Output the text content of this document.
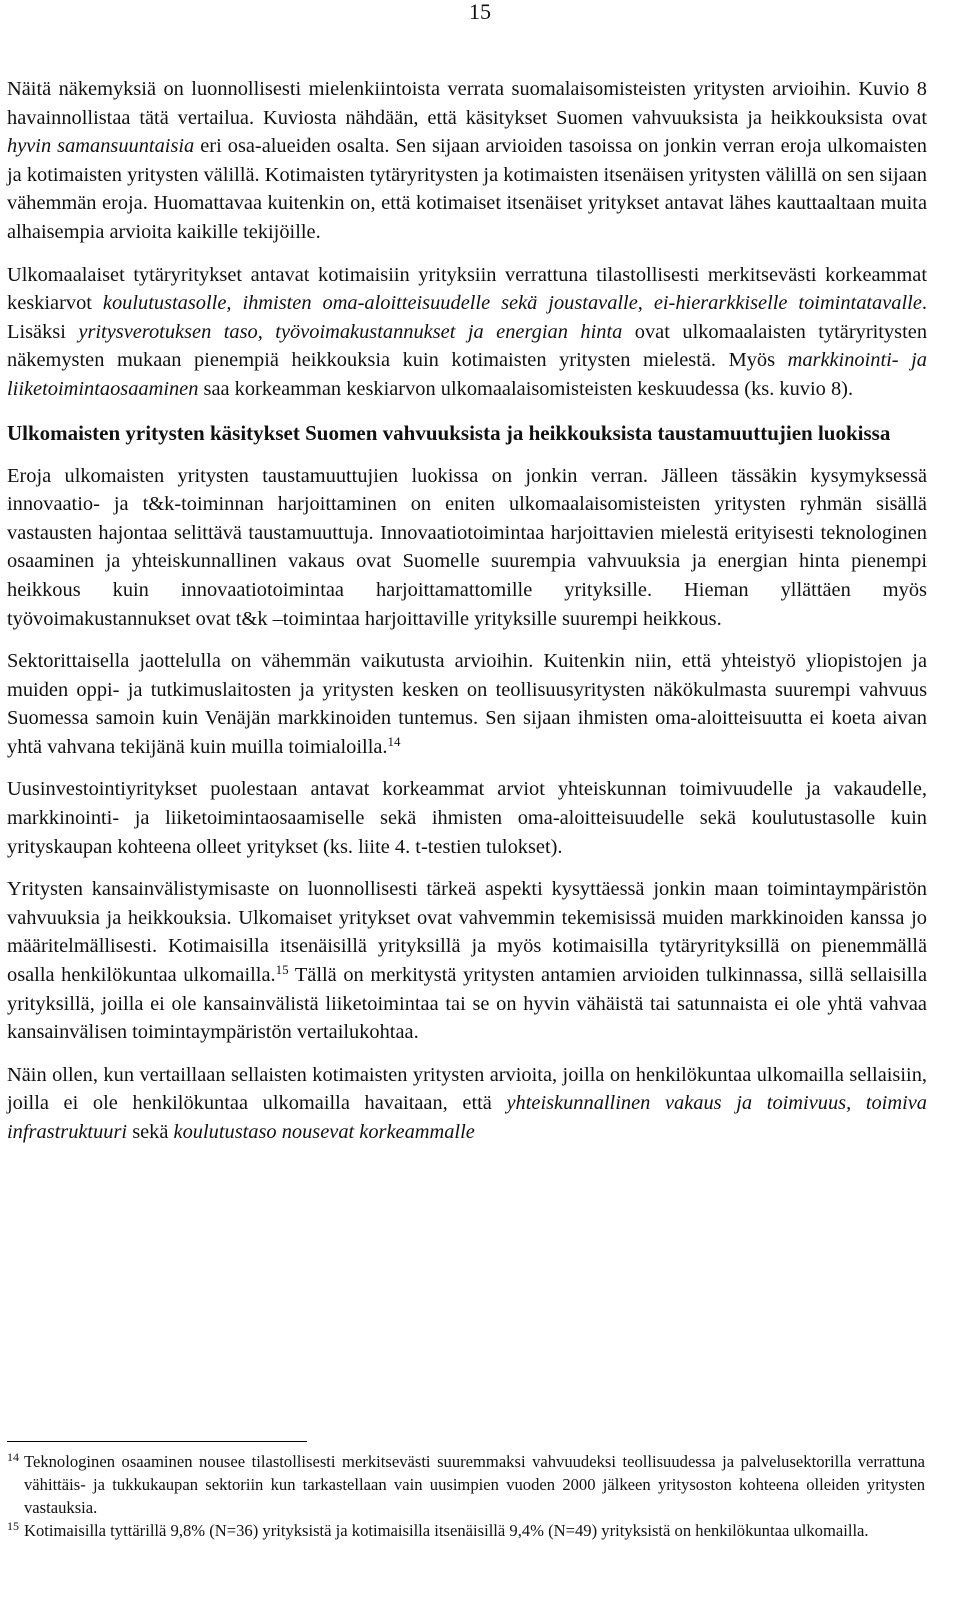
15

Näitä näkemyksiä on luonnollisesti mielenkiintoista verrata suomalaisomisteisten yritysten arvioihin. Kuvio 8 havainnollistaa tätä vertailua. Kuviosta nähdään, että käsitykset Suomen vahvuuksista ja heikkouksista ovat hyvin samansuuntaisia eri osa-alueiden osalta. Sen sijaan arvioiden tasoissa on jonkin verran eroja ulkomaisten ja kotimaisten yritysten välillä. Kotimaisten tytäryritysten ja kotimaisten itsenäisen yritysten välillä on sen sijaan vähemmän eroja. Huomattavaa kuitenkin on, että kotimaiset itsenäiset yritykset antavat lähes kauttaaltaan muita alhaisempia arvioita kaikille tekijöille.

Ulkomaalaiset tytäryritykset antavat kotimaisiin yrityksiin verrattuna tilastollisesti merkitsevästi korkeammat keskiarvot koulutustasolle, ihmisten oma-aloitteisuudelle sekä joustavalle, ei-hierarkkiselle toimintatavalle. Lisäksi yritysverotuksen taso, työvoimakustannukset ja energian hinta ovat ulkomaalaisten tytäryritysten näkemysten mukaan pienempiä heikkouksia kuin kotimaisten yritysten mielestä. Myös markkinointi- ja liiketoimintaosaaminen saa korkeamman keskiarvon ulkomaalaisomisteisten keskuudessa (ks. kuvio 8).

Ulkomaisten yritysten käsitykset Suomen vahvuuksista ja heikkouksista taustamuuttujien luokissa

Eroja ulkomaisten yritysten taustamuuttujien luokissa on jonkin verran. Jälleen tässäkin kysymyksessä innovaatio- ja t&k-toiminnan harjoittaminen on eniten ulkomaalaisomisteisten yritysten ryhmän sisällä vastausten hajontaa selittävä taustamuuttuja. Innovaatiotoimintaa harjoittavien mielestä erityisesti teknologinen osaaminen ja yhteiskunnallinen vakaus ovat Suomelle suurempia vahvuuksia ja energian hinta pienempi heikkous kuin innovaatiotoimintaa harjoittamattomille yrityksille. Hieman yllättäen myös työvoimakustannukset ovat t&k –toimintaa harjoittaville yrityksille suurempi heikkous.

Sektorittaisella jaottelulla on vähemmän vaikutusta arvioihin. Kuitenkin niin, että yhteistyö yliopistojen ja muiden oppi- ja tutkimuslaitosten ja yritysten kesken on teollisuusyritysten näkökulmasta suurempi vahvuus Suomessa samoin kuin Venäjän markkinoiden tuntemus. Sen sijaan ihmisten oma-aloitteisuutta ei koeta aivan yhtä vahvana tekijänä kuin muilla toimialoilla.$^{14}$

Uusinvestointiyritykset puolestaan antavat korkeammat arviot yhteiskunnan toimivuudelle ja vakaudelle, markkinointi- ja liiketoimintaosaamiselle sekä ihmisten oma-aloitteisuudelle sekä koulutustasolle kuin yrityskaupan kohteena olleet yritykset (ks. liite 4. t-testien tulokset).

Yritysten kansainvälistymisaste on luonnollisesti tärkeä aspekti kysyttäessä jonkin maan toimintaympäristön vahvuuksia ja heikkouksia. Ulkomaiset yritykset ovat vahvemmin tekemisissä muiden markkinoiden kanssa jo määritelmällisesti. Kotimaisilla itsenäisillä yrityksillä ja myös kotimaisilla tytäryrityksillä on pienemmällä osalla henkilökuntaa ulkomailla.$^{15}$ Tällä on merkitystä yritysten antamien arvioiden tulkinnassa, sillä sellaisilla yrityksillä, joilla ei ole kansainvälistä liiketoimintaa tai se on hyvin vähäistä tai satunnaista ei ole yhtä vahvaa kansainvälisen toimintaympäristön vertailukohtaa.

Näin ollen, kun vertaillaan sellaisten kotimaisten yritysten arvioita, joilla on henkilökuntaa ulkomailla sellaisiin, joilla ei ole henkilökuntaa ulkomailla havaitaan, että yhteiskunnallinen vakaus ja toimivuus, toimiva infrastruktuuri sekä koulutustaso nousevat korkeammalle

14 Teknologinen osaaminen nousee tilastollisesti merkitsevästi suuremmaksi vahvuudeksi teollisuudessa ja palvelusektorilla verrattuna vähittäis- ja tukkukaupan sektoriin kun tarkastellaan vain uusimpien vuoden 2000 jälkeen yritysoston kohteena olleiden yritysten vastauksia.
15 Kotimaisilla tyttärillä 9,8% (N=36) yrityksistä ja kotimaisilla itsenäisillä 9,4% (N=49) yrityksistä on henkilökuntaa ulkomailla.
